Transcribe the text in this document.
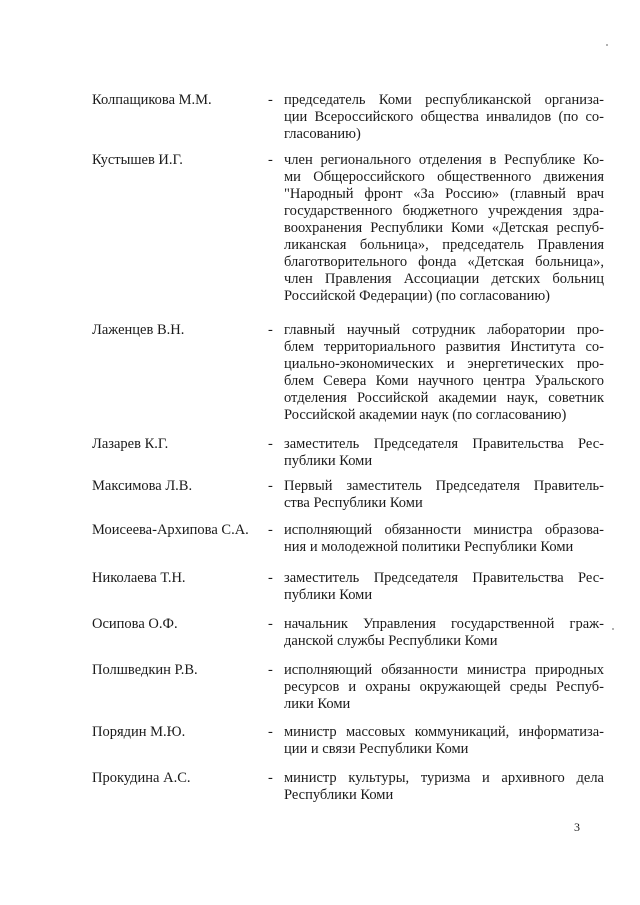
Колпащикова М.М.	- председатель Коми республиканской организа-
ции Всероссийского общества инвалидов (по со-
гласованию)
Кустышев И.Г.	- член регионального отделения в Республике Ко-
ми Общероссийского общественного движения
"Народный фронт «За Россию» (главный врач
государственного бюджетного учреждения здра-
воохранения Республики Коми «Детская респуб-
ликанская больница», председатель Правления
благотворительного фонда «Детская больница»,
член Правления Ассоциации детских больниц
Российской Федерации) (по согласованию)
Лаженцев В.Н.	- главный научный сотрудник лаборатории про-
блем территориального развития Института со-
циально-экономических и энергетических про-
блем Севера Коми научного центра Уральского
отделения Российской академии наук, советник
Российской академии наук (по согласованию)
Лазарев К.Г.	- заместитель Председателя Правительства Рес-
публики Коми
Максимова Л.В.	- Первый заместитель Председателя Правитель-
ства Республики Коми
Моисеева-Архипова С.А. - исполняющий обязанности министра образова-
ния и молодежной политики Республики Коми
Николаева Т.Н.	- заместитель Председателя Правительства Рес-
публики Коми
Осипова О.Ф.	- начальник Управления государственной граж-
данской службы Республики Коми
Полшведкин Р.В.	- исполняющий обязанности министра природных
ресурсов и охраны окружающей среды Респуб-
лики Коми
Порядин М.Ю.	- министр массовых коммуникаций, информатиза-
ции и связи Республики Коми
Прокудина А.С.	- министр культуры, туризма и архивного дела
Республики Коми
3
